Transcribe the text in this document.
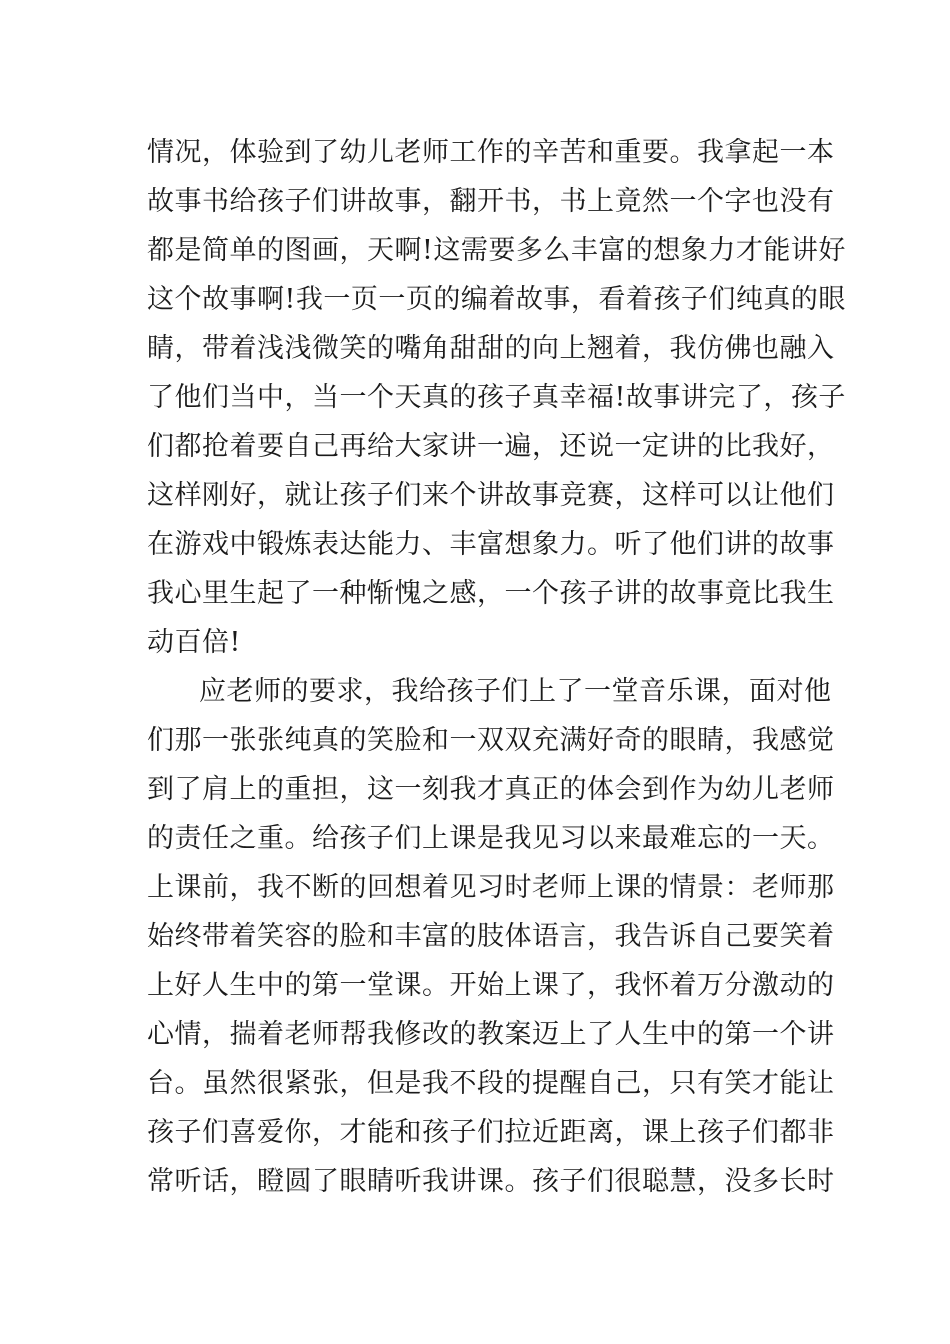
情况，体验到了幼儿老师工作的辛苦和重要。我拿起一本
故事书给孩子们讲故事，翻开书，书上竟然一个字也没有
都是简单的图画，天啊!这需要多么丰富的想象力才能讲好
这个故事啊!我一页一页的编着故事，看着孩子们纯真的眼
睛，带着浅浅微笑的嘴角甜甜的向上翘着，我仿佛也融入
了他们当中，当一个天真的孩子真幸福!故事讲完了，孩子
们都抢着要自己再给大家讲一遍，还说一定讲的比我好，
这样刚好，就让孩子们来个讲故事竞赛，这样可以让他们
在游戏中锻炼表达能力、丰富想象力。听了他们讲的故事
我心里生起了一种惭愧之感，一个孩子讲的故事竟比我生
动百倍!
应老师的要求，我给孩子们上了一堂音乐课，面对他
们那一张张纯真的笑脸和一双双充满好奇的眼睛，我感觉
到了肩上的重担，这一刻我才真正的体会到作为幼儿老师
的责任之重。给孩子们上课是我见习以来最难忘的一天。
上课前，我不断的回想着见习时老师上课的情景：老师那
始终带着笑容的脸和丰富的肢体语言，我告诉自己要笑着
上好人生中的第一堂课。开始上课了，我怀着万分激动的
心情，揣着老师帮我修改的教案迈上了人生中的第一个讲
台。虽然很紧张，但是我不段的提醒自己，只有笑才能让
孩子们喜爱你，才能和孩子们拉近距离，课上孩子们都非
常听话，瞪圆了眼睛听我讲课。孩子们很聪慧，没多长时
